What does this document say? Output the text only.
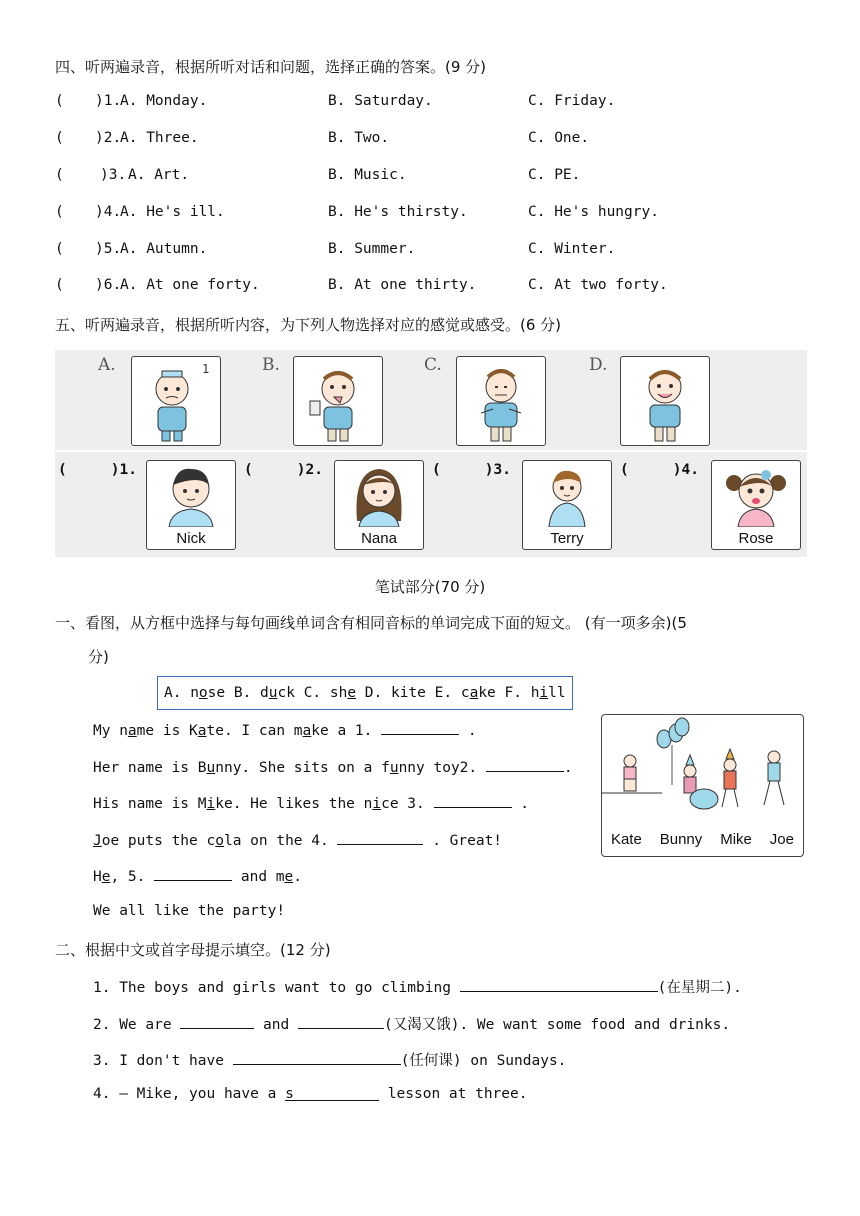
四、听两遍录音，根据所听对话和问题，选择正确的答案。(9 分)
( )1.
A. Monday.	B. Saturday.	C. Friday.
( )2.
A. Three.	B. Two.	C. One.
(	)3. A. Art.	B. Music.	C. PE.
( )4.
A. He's ill.	B. He's thirsty.	C. He's hungry.
( )5.
A. Autumn.	B. Summer.	C. Winter.
( )6.
A. At one forty.	B. At one thirty.	C. At two forty.
五、听两遍录音，根据所听内容，为下列人物选择对应的感觉或感受。(6 分)
A.	1	B.	C.	D.
(	)1.
Nick
(	)2.
Nana
(	)3.
Terry
(	)4.
Rose
笔试部分(70 分)
一、看图，从方框中选择与每句画线单词含有相同音标的单词完成下面的短文。 (有一项多余)(5
分)
A. nose B. duck C. she D. kite E. cake F. hill
My name is Kate. I can make a 1.	.
Her name is Bunny. She sits on a funny toy2.	.
His name is Mike. He likes the nice 3.	.
Joe puts the cola on the 4.	. Great!
He, 5.	and me.
We all like the party!
Kate Bunny Mike Joe
二、根据中文或首字母提示填空。(12 分)
1. The boys and girls want to go climbing	(在星期二).
2. We are	and	(又渴又饿). We want some food and drinks.
3. I don't have	(任何课) on Sundays.
4. — Mike, you have a s	lesson at three.
